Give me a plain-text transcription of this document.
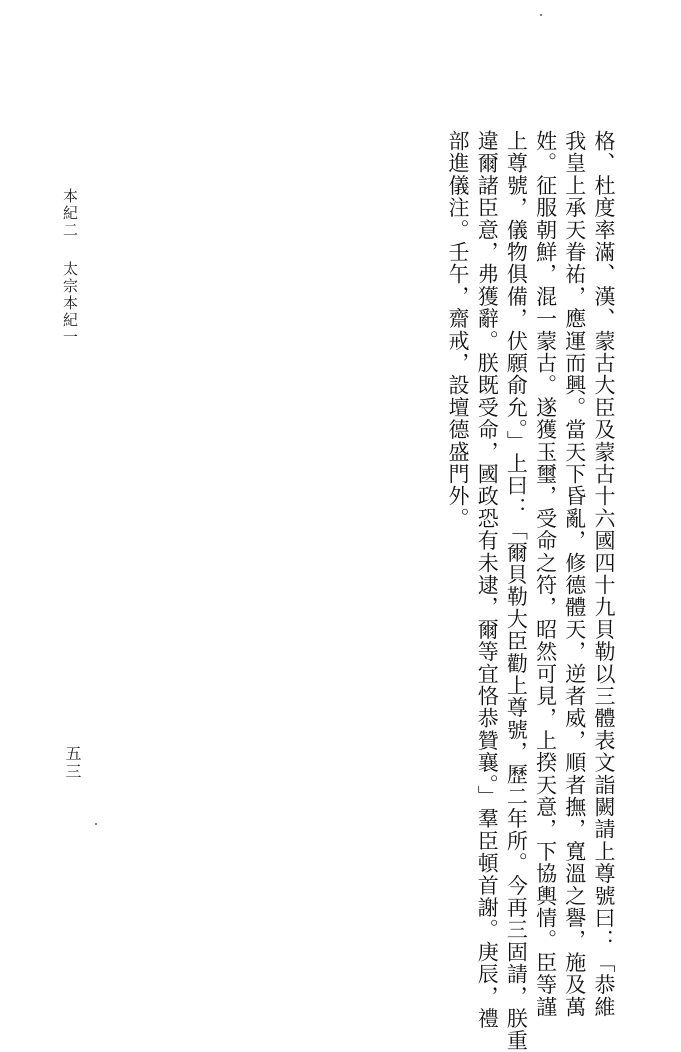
本紀二太宗本紀一
五三	格、杜度率滿、漢、蒙古大臣及蒙古十六國四十九貝勒以三體表文詣闕請上尊號曰：「恭維
我皇上承天眷祐，應運而興。當天下昏亂，修德體天，逆者威，順者撫，寬溫之譽，施及萬
姓。征服朝鮮，混一蒙古。遂獲玉璽，受命之符，昭然可見，上揆天意，下協輿情。臣等謹
上尊號，儀物俱備，伏願俞允。」上曰：「爾貝勒大臣勸上尊號，歷二年所。今再三固請，朕重
違爾諸臣意，弗獲辭。朕既受命，國政恐有未逮，爾等宜恪恭贊襄。」羣臣頓首謝。庚辰，禮
部進儀注。壬午，齋戒，設壇德盛門外。
